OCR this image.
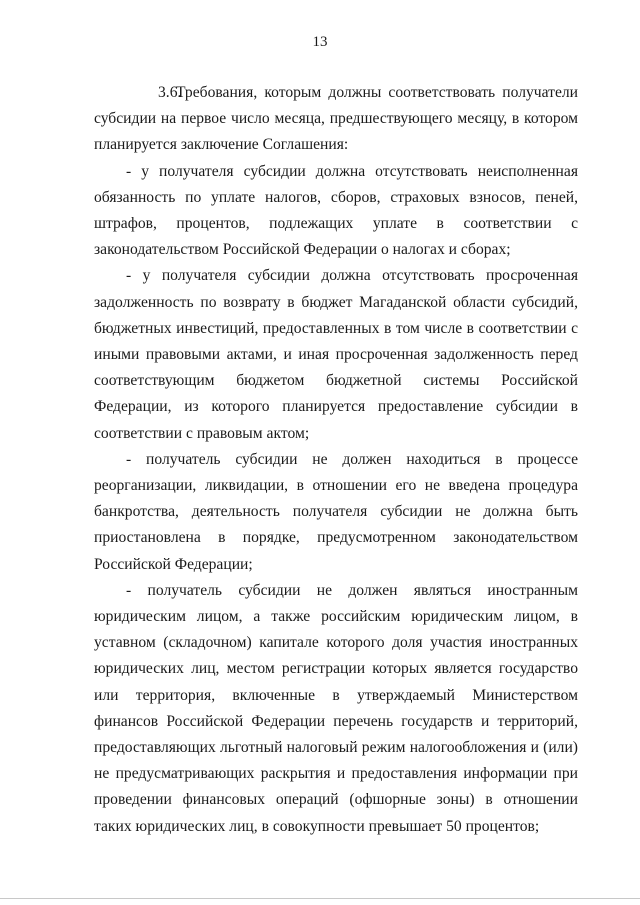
13

3.6.Требования, которым должны соответствовать получатели субсидии на первое число месяца, предшествующего месяцу, в котором планируется заключение Соглашения:

- у получателя субсидии должна отсутствовать неисполненная обязанность по уплате налогов, сборов, страховых взносов, пеней, штрафов, процентов, подлежащих уплате в соответствии с законодательством Российской Федерации о налогах и сборах;

- у получателя субсидии должна отсутствовать просроченная задолженность по возврату в бюджет Магаданской области субсидий, бюджетных инвестиций, предоставленных в том числе в соответствии с иными правовыми актами, и иная просроченная задолженность перед соответствующим бюджетом бюджетной системы Российской Федерации, из которого планируется предоставление субсидии в соответствии с правовым актом;

- получатель субсидии не должен находиться в процессе реорганизации, ликвидации, в отношении его не введена процедура банкротства, деятельность получателя субсидии не должна быть приостановлена в порядке, предусмотренном законодательством Российской Федерации;

- получатель субсидии не должен являться иностранным юридическим лицом, а также российским юридическим лицом, в уставном (складочном) капитале которого доля участия иностранных юридических лиц, местом регистрации которых является государство или территория, включенные в утверждаемый Министерством финансов Российской Федерации перечень государств и территорий, предоставляющих льготный налоговый режим налогообложения и (или) не предусматривающих раскрытия и предоставления информации при проведении финансовых операций (офшорные зоны) в отношении таких юридических лиц, в совокупности превышает 50 процентов;
